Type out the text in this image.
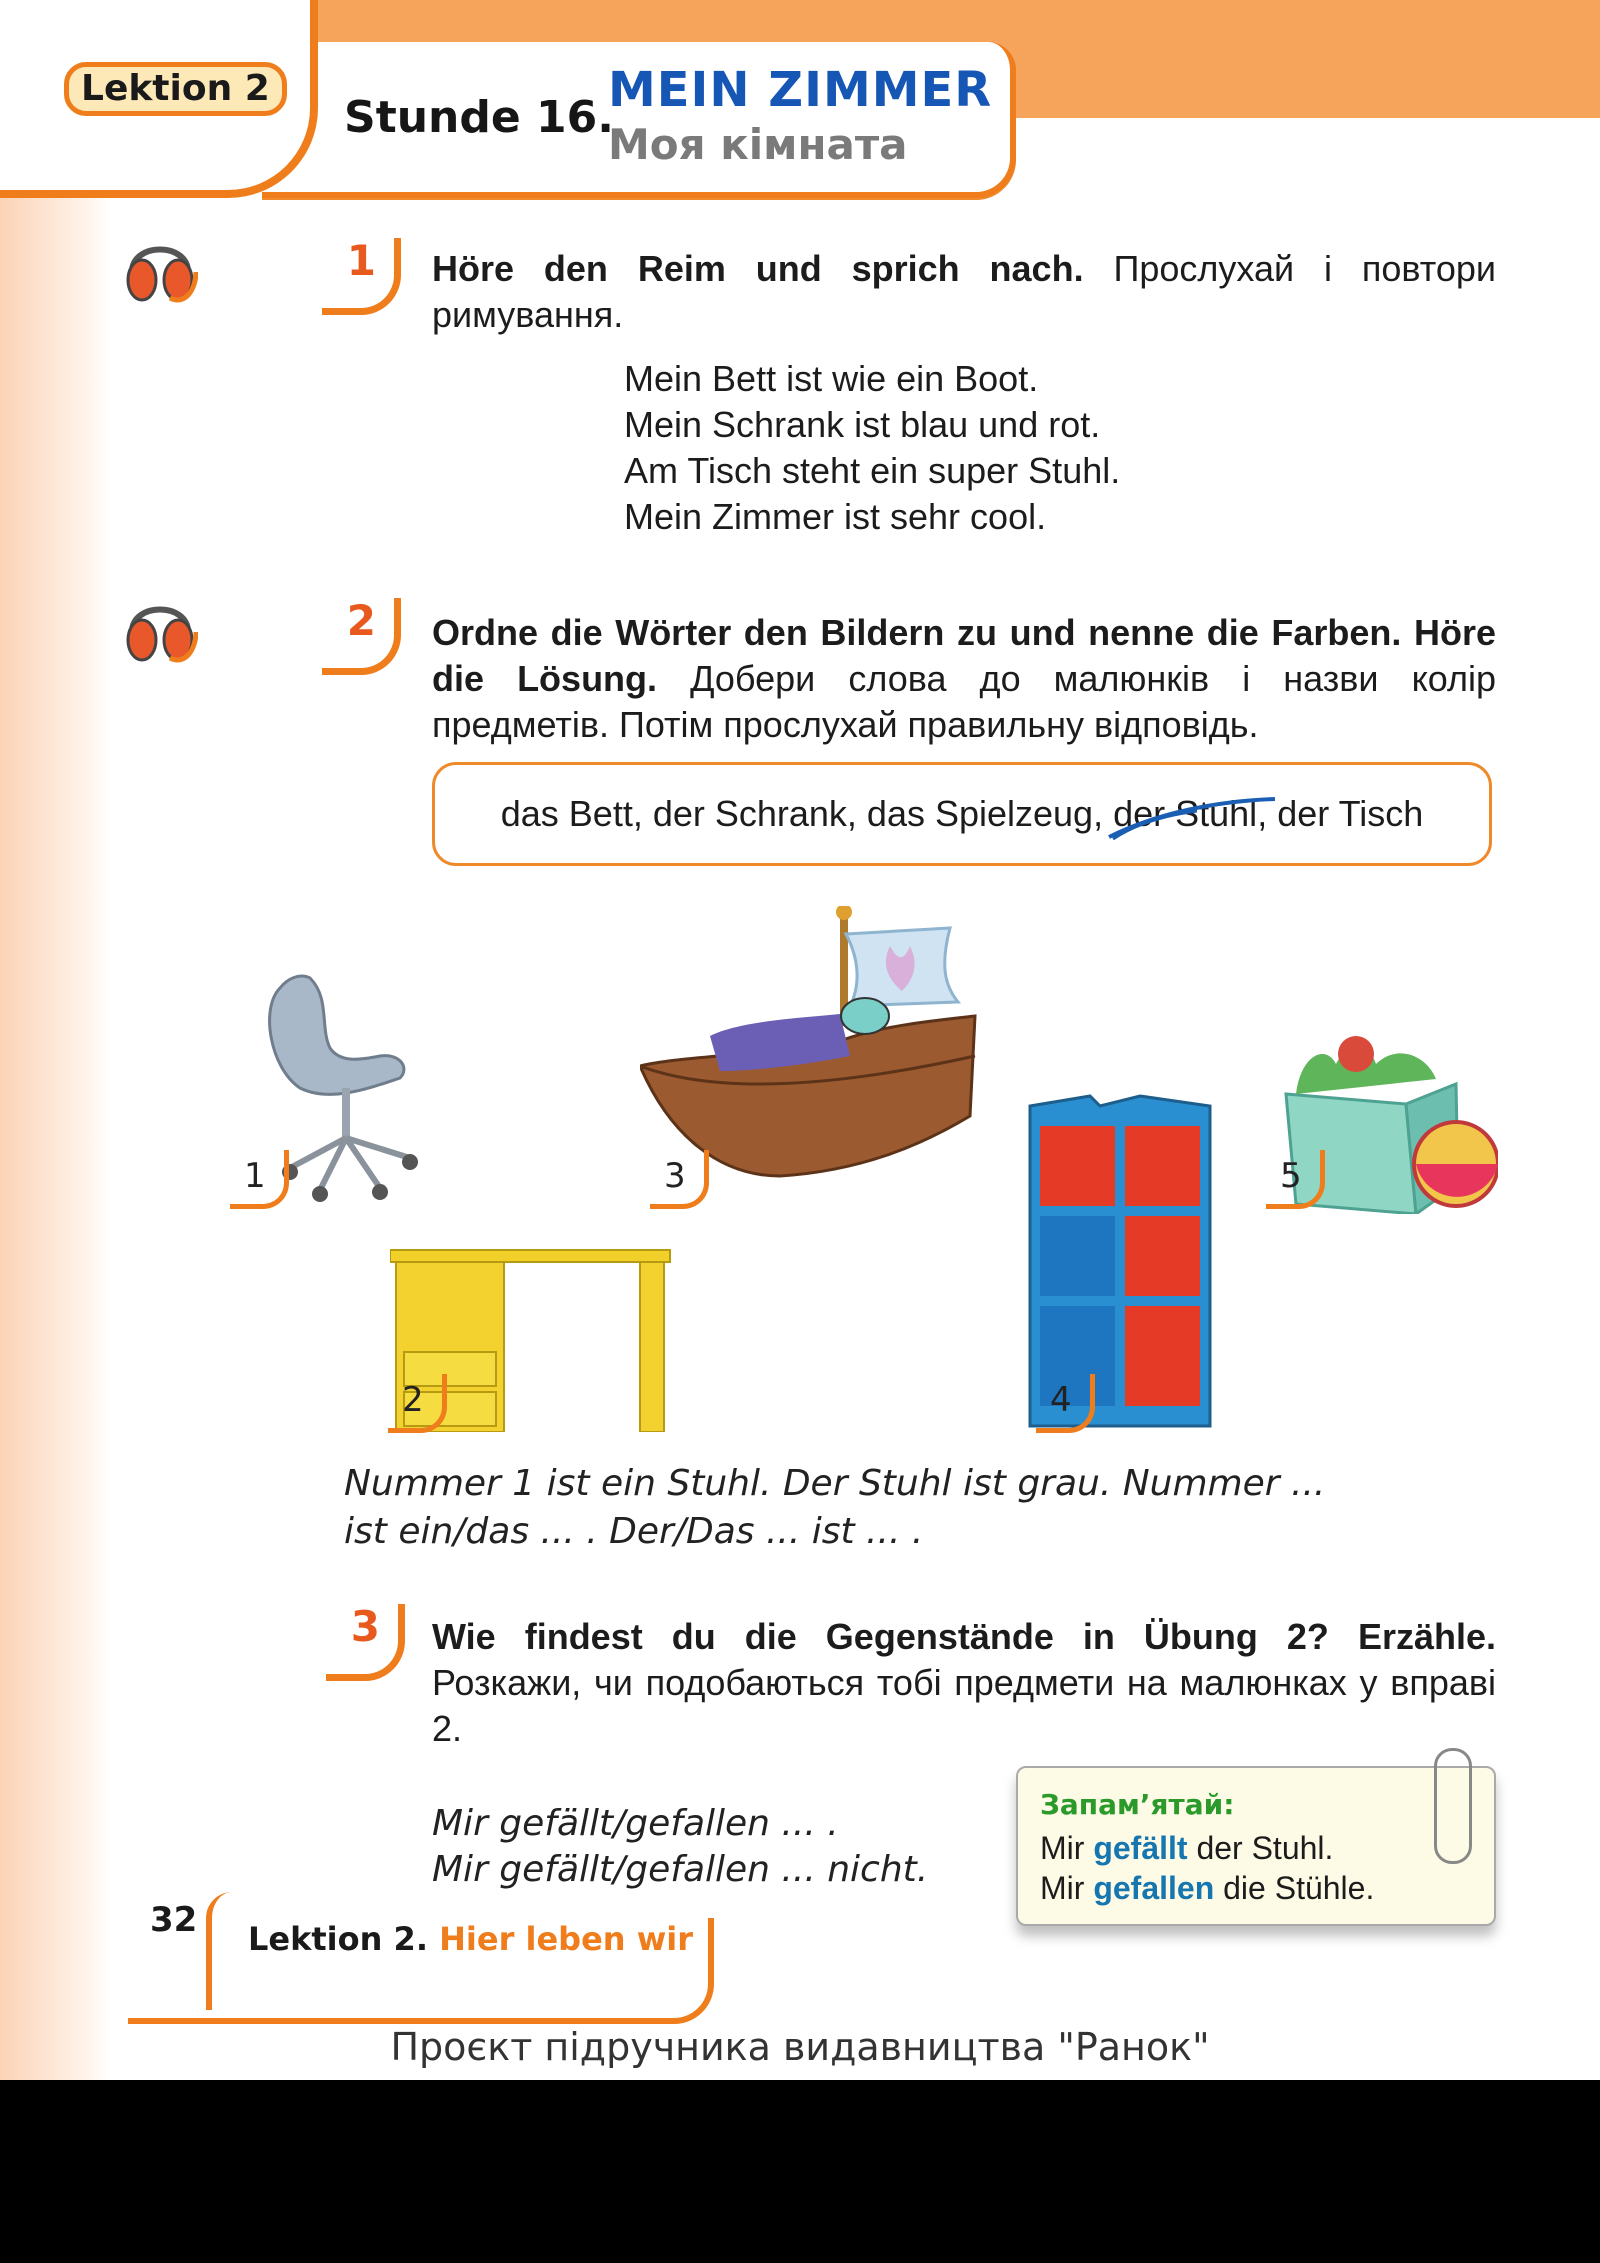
Lektion 2
Stunde 16.
MEIN ZIMMER
Моя кімната
1 Höre den Reim und sprich nach. Прослухай і повтори римування.
Mein Bett ist wie ein Boot.
Mein Schrank ist blau und rot.
Am Tisch steht ein super Stuhl.
Mein Zimmer ist sehr cool.
2 Ordne die Wörter den Bildern zu und nenne die Farben. Höre die Lösung. Добери слова до малюнків і назви колір предметів. Потім прослухай правильну відповідь.
das Bett, der Schrank, das Spielzeug, der Stuhl
, der Tisch
1
2
3
4
5
Nummer 1 ist ein Stuhl. Der Stuhl ist grau. Nummer ...
ist ein/das ... . Der/Das ... ist ... .
3 Wie findest du die Gegenstände in Übung 2? Erzähle. Розкажи, чи подобаються тобі предмети на малюнках у вправі 2.
Mir gefällt/gefallen ... .
Mir gefällt/gefallen ... nicht.
Запам’ятай:
Mir gefällt der Stuhl.
Mir gefallen die Stühle.
32 Lektion 2. Hier leben wir
Проєкт підручника видавництва "Ранок"
